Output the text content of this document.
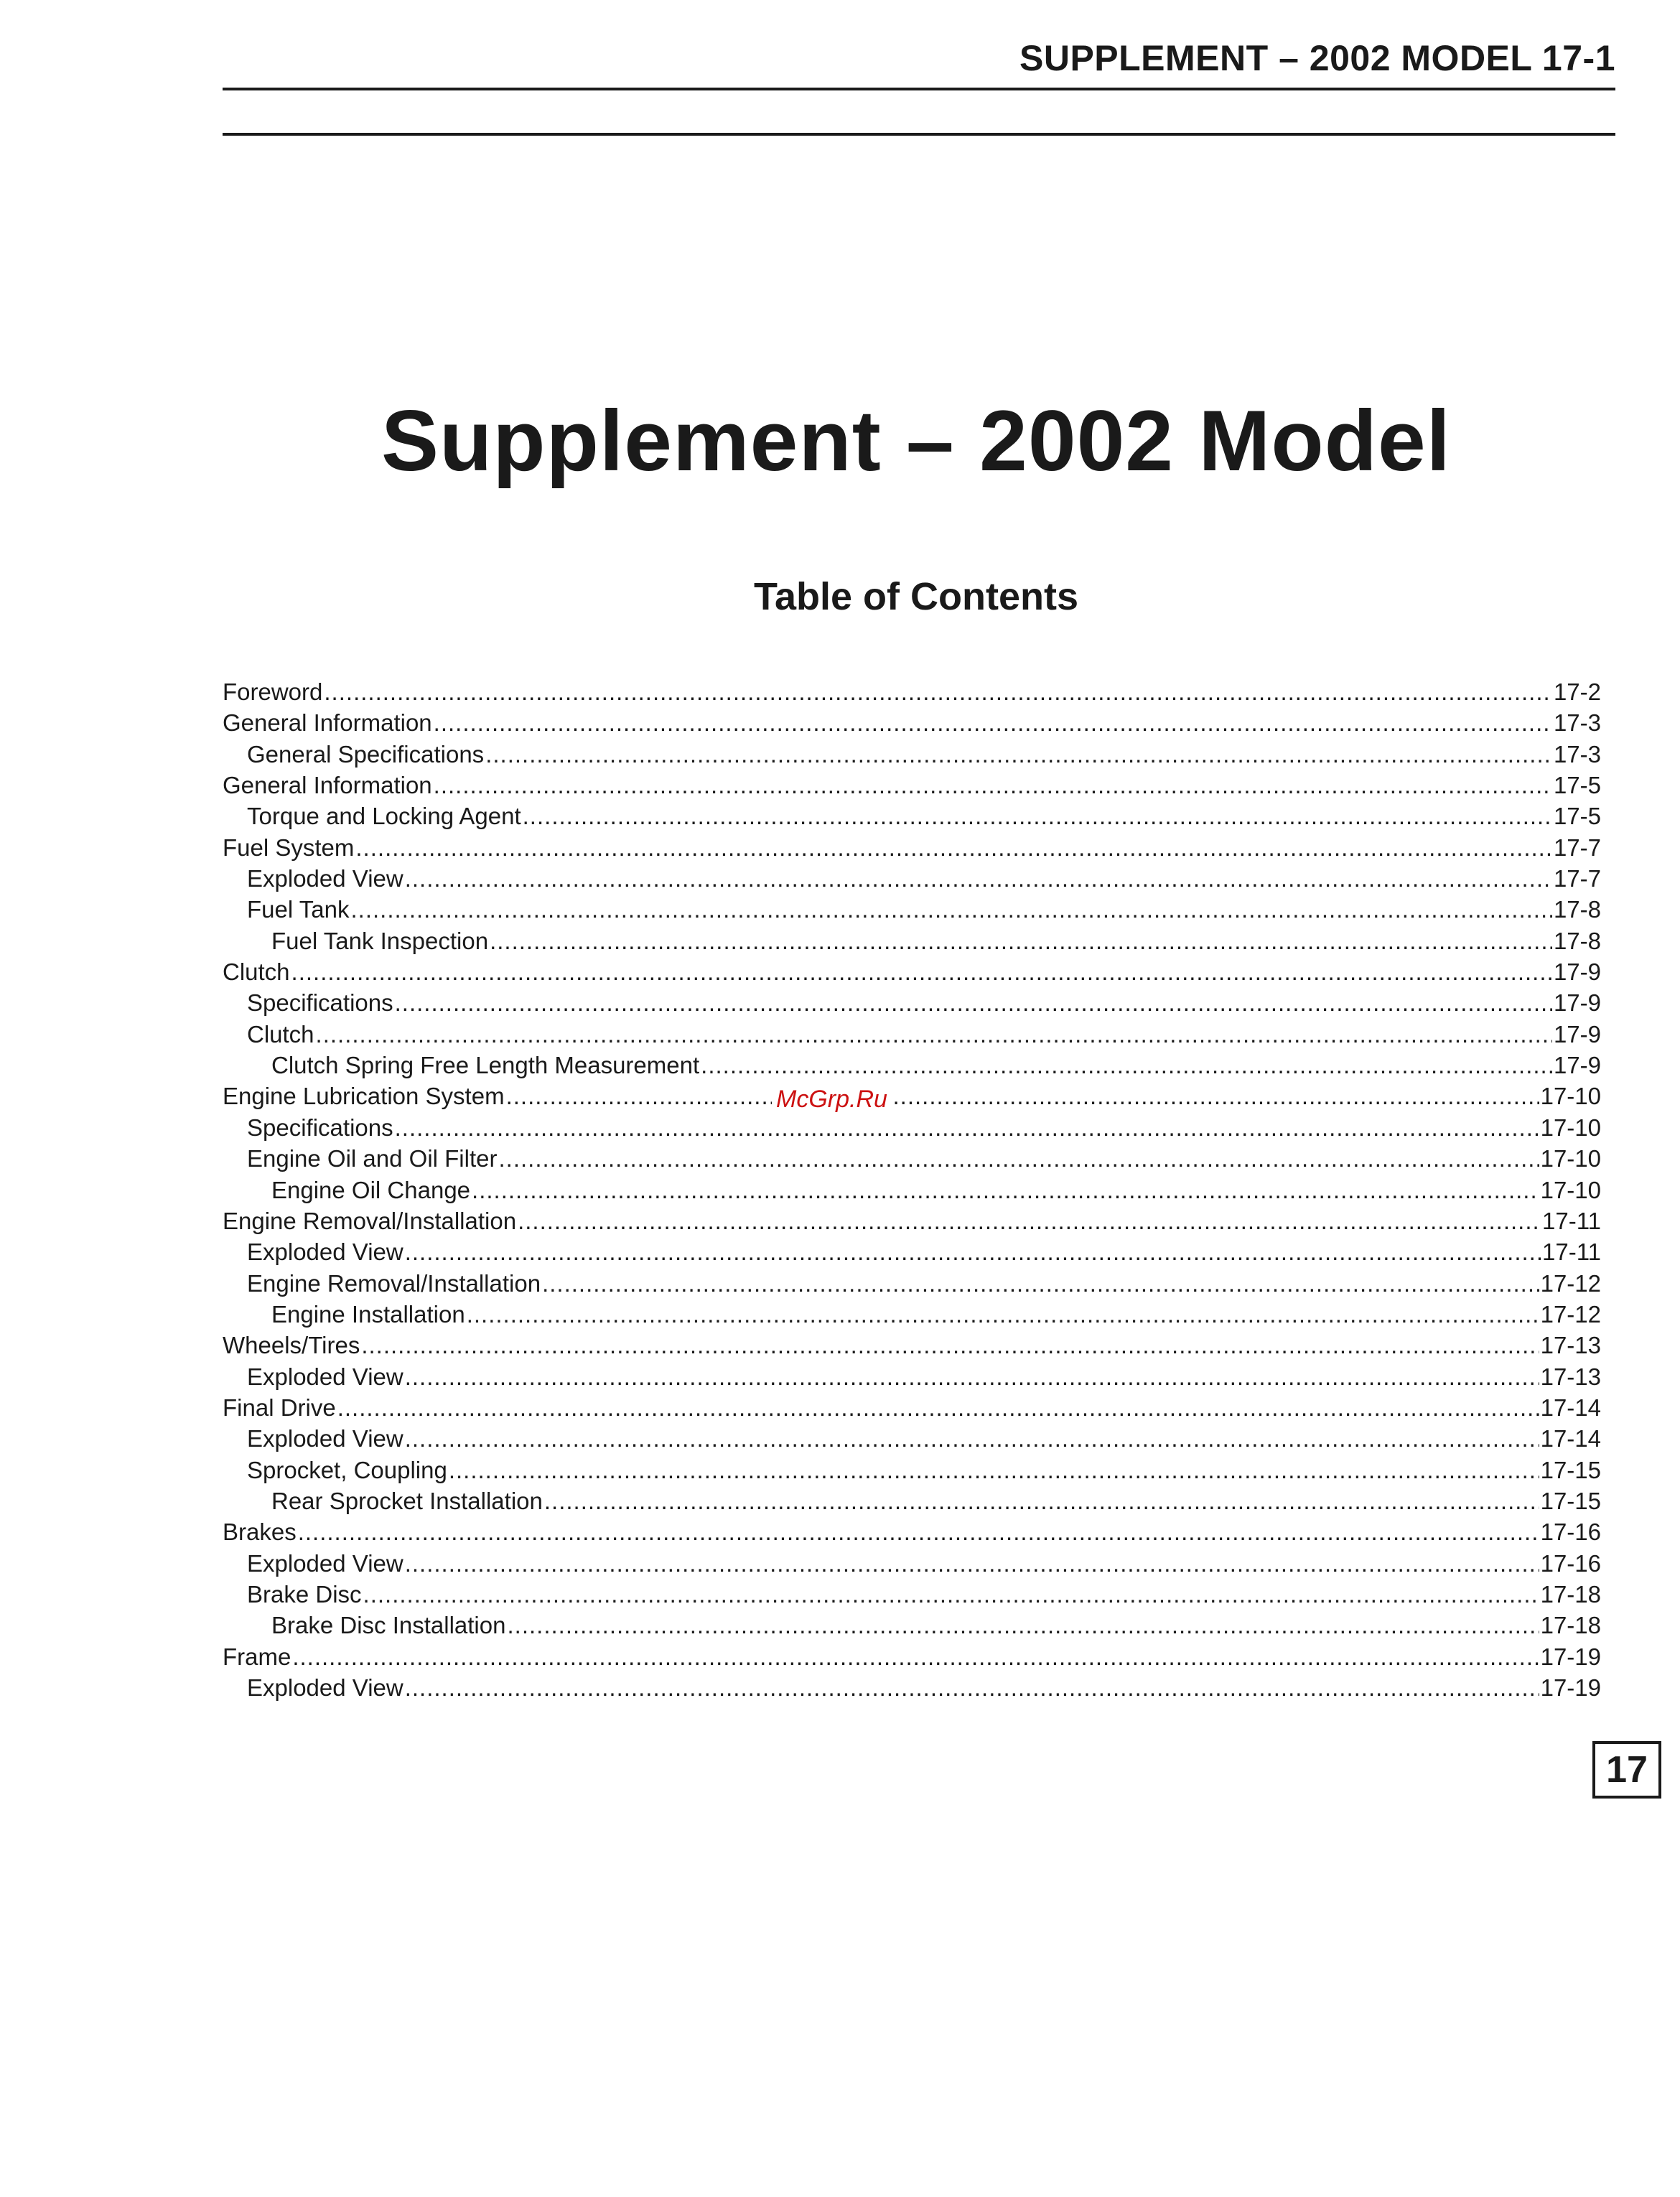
SUPPLEMENT – 2002 MODEL 17-1
Supplement – 2002 Model
Table of Contents
Foreword .....	17-2
General Information .....	17-3
General Specifications .....	17-3
General Information .....	17-5
Torque and Locking Agent .....	17-5
Fuel System .....	17-7
Exploded View .....	17-7
Fuel Tank .....	17-8
Fuel Tank Inspection .....	17-8
Clutch .....	17-9
Specifications .....	17-9
Clutch .....	17-9
Clutch Spring Free Length Measurement .....	17-9
Engine Lubrication System .....	17-10
Specifications .....	17-10
Engine Oil and Oil Filter .....	17-10
Engine Oil Change .....	17-10
Engine Removal/Installation .....	17-11
Exploded View .....	17-11
Engine Removal/Installation .....	17-12
Engine Installation .....	17-12
Wheels/Tires .....	17-13
Exploded View .....	17-13
Final Drive .....	17-14
Exploded View .....	17-14
Sprocket, Coupling .....	17-15
Rear Sprocket Installation .....	17-15
Brakes .....	17-16
Exploded View .....	17-16
Brake Disc .....	17-18
Brake Disc Installation .....	17-18
Frame .....	17-19
Exploded View .....	17-19
McGrp.Ru
17
